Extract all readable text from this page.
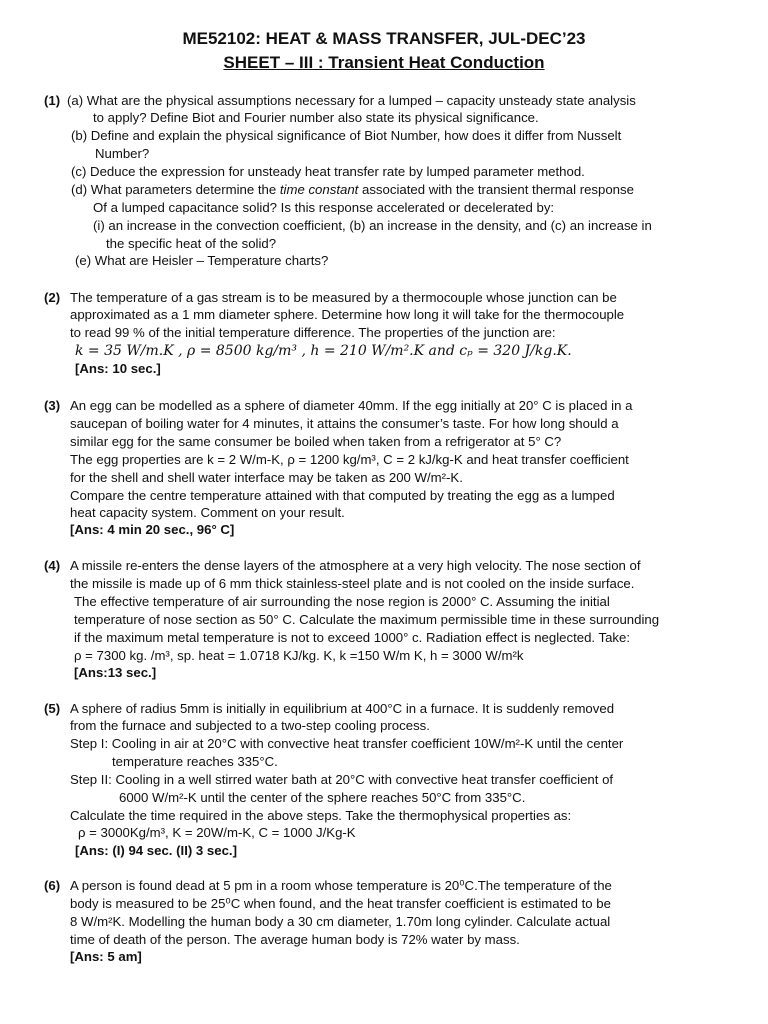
ME52102: HEAT & MASS TRANSFER, JUL-DEC’23
SHEET – III : Transient Heat Conduction
(1) (a) What are the physical assumptions necessary for a lumped – capacity unsteady state analysis
to apply? Define Biot and Fourier number also state its physical significance.
(b) Define and explain the physical significance of Biot Number, how does it differ from Nusselt
Number?
(c) Deduce the expression for unsteady heat transfer rate by lumped parameter method.
(d) What parameters determine the time constant associated with the transient thermal response
Of a lumped capacitance solid? Is this response accelerated or decelerated by:
(i) an increase in the convection coefficient, (b) an increase in the density, and (c) an increase in
the specific heat of the solid?
(e) What are Heisler – Temperature charts?
(2) The temperature of a gas stream is to be measured by a thermocouple whose junction can be
approximated as a 1 mm diameter sphere. Determine how long it will take for the thermocouple
to read 99 % of the initial temperature difference. The properties of the junction are:
k = 35 W/m.K , ρ = 8500 kg/m³ , h = 210 W/m².K and cₚ = 320 J/kg.K.
[Ans: 10 sec.]
(3) An egg can be modelled as a sphere of diameter 40mm. If the egg initially at 20° C is placed in a
saucepan of boiling water for 4 minutes, it attains the consumer’s taste. For how long should a
similar egg for the same consumer be boiled when taken from a refrigerator at 5° C?
The egg properties are k = 2 W/m-K, ρ = 1200 kg/m³, C = 2 kJ/kg-K and heat transfer coefficient
for the shell and shell water interface may be taken as 200 W/m²-K.
Compare the centre temperature attained with that computed by treating the egg as a lumped
heat capacity system. Comment on your result.
[Ans: 4 min 20 sec., 96° C]
(4) A missile re-enters the dense layers of the atmosphere at a very high velocity. The nose section of
the missile is made up of 6 mm thick stainless-steel plate and is not cooled on the inside surface.
The effective temperature of air surrounding the nose region is 2000° C. Assuming the initial
temperature of nose section as 50° C. Calculate the maximum permissible time in these surrounding
if the maximum metal temperature is not to exceed 1000° c. Radiation effect is neglected. Take:
ρ = 7300 kg. /m³, sp. heat = 1.0718 KJ/kg. K, k =150 W/m K, h = 3000 W/m²k
[Ans:13 sec.]
(5) A sphere of radius 5mm is initially in equilibrium at 400°C in a furnace. It is suddenly removed
from the furnace and subjected to a two-step cooling process.
Step I: Cooling in air at 20°C with convective heat transfer coefficient 10W/m²-K until the center
temperature reaches 335°C.
Step II: Cooling in a well stirred water bath at 20°C with convective heat transfer coefficient of
6000 W/m²-K until the center of the sphere reaches 50°C from 335°C.
Calculate the time required in the above steps. Take the thermophysical properties as:
ρ = 3000Kg/m³, K = 20W/m-K, C = 1000 J/Kg-K
[Ans: (I) 94 sec. (II) 3 sec.]
(6) A person is found dead at 5 pm in a room whose temperature is 20⁰C.The temperature of the
body is measured to be 25⁰C when found, and the heat transfer coefficient is estimated to be
8 W/m²K. Modelling the human body a 30 cm diameter, 1.70m long cylinder. Calculate actual
time of death of the person. The average human body is 72% water by mass.
[Ans: 5 am]
